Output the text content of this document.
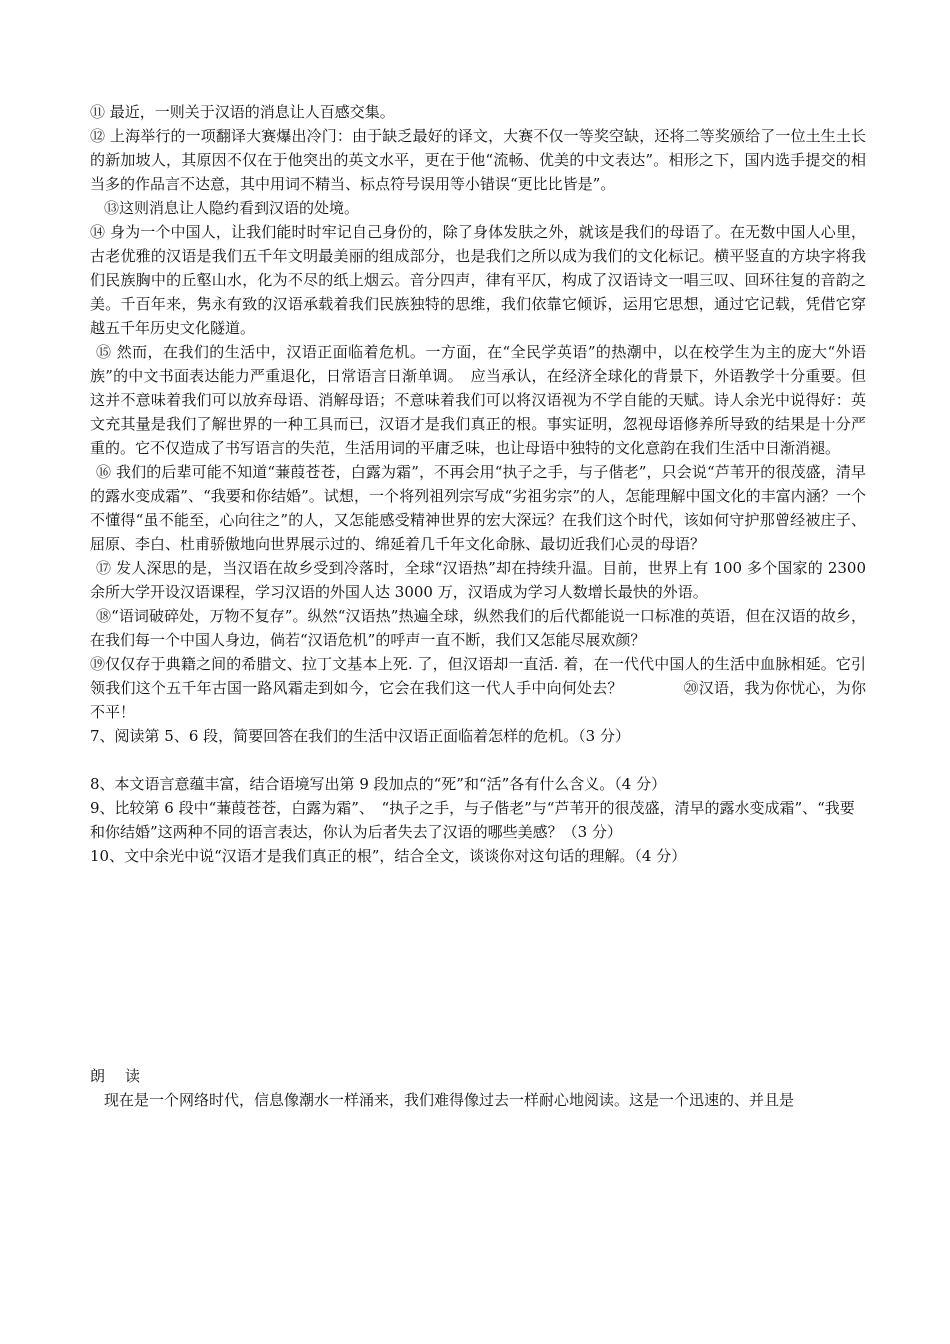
⑪ 最近，一则关于汉语的消息让人百感交集。

⑫ 上海举行的一项翻译大赛爆出冷门：由于缺乏最好的译文，大赛不仅一等奖空缺，还将二等奖颁给了一位土生土长的新加坡人，其原因不仅在于他突出的英文水平，更在于他“流畅、优美的中文表达”。相形之下，国内选手提交的相当多的作品言不达意，其中用词不精当、标点符号误用等小错误“更比比皆是”。

⑬这则消息让人隐约看到汉语的处境。

⑭ 身为一个中国人，让我们能时时牢记自己身份的，除了身体发肤之外，就该是我们的母语了。在无数中国人心里，古老优雅的汉语是我们五千年文明最美丽的组成部分，也是我们之所以成为我们的文化标记。横平竖直的方块字将我们民族胸中的丘壑山水，化为不尽的纸上烟云。音分四声，律有平仄，构成了汉语诗文一唱三叹、回环往复的音韵之美。千百年来，隽永有致的汉语承载着我们民族独特的思维，我们依靠它倾诉，运用它思想，通过它记载，凭借它穿越五千年历史文化隧道。

⑮ 然而，在我们的生活中，汉语正面临着危机。一方面，在“全民学英语”的热潮中，以在校学生为主的庞大“外语族”的中文书面表达能力严重退化，日常语言日渐单调。　应当承认，在经济全球化的背景下，外语教学十分重要。但这并不意味着我们可以放弃母语、消解母语；不意味着我们可以将汉语视为不学自能的天赋。诗人余光中说得好：英文充其量是我们了解世界的一种工具而已，汉语才是我们真正的根。事实证明，忽视母语修养所导致的结果是十分严重的。它不仅造成了书写语言的失范，生活用词的平庸乏味，也让母语中独特的文化意韵在我们生活中日渐消褪。

⑯ 我们的后辈可能不知道“蒹葭苍苍，白露为霜”，不再会用“执子之手，与子偕老”，只会说“芦苇开的很茂盛，清早的露水变成霜”、“我要和你结婚”。试想，一个将列祖列宗写成“劣祖劣宗”的人，怎能理解中国文化的丰富内涵？一个不懂得“虽不能至，心向往之”的人，又怎能感受精神世界的宏大深远？在我们这个时代，该如何守护那曾经被庄子、屈原、李白、杜甫骄傲地向世界展示过的、绵延着几千年文化命脉、最切近我们心灵的母语？

⑰ 发人深思的是，当汉语在故乡受到冷落时，全球“汉语热”却在持续升温。目前，世界上有 100 多个国家的 2300 余所大学开设汉语课程，学习汉语的外国人达 3000 万，汉语成为学习人数增长最快的外语。

⑱“语词破碎处，万物不复存”。纵然“汉语热”热遍全球，纵然我们的后代都能说一口标准的英语，但在汉语的故乡，在我们每一个中国人身边，倘若“汉语危机”的呼声一直不断，我们又怎能尽展欢颜？

⑲仅仅存于典籍之间的希腊文、拉丁文基本上死. 了，但汉语却一直活. 着，在一代代中国人的生活中血脉相延。它引领我们这个五千年古国一路风霜走到如今，它会在我们这一代人手中向何处去？　　　　⑳汉语，我为你忧心，为你不平！

7、阅读第 5、6 段，简要回答在我们的生活中汉语正面临着怎样的危机。（3 分）

8、本文语言意蕴丰富，结合语境写出第 9 段加点的“死”和“活”各有什么含义。（4 分）

9、比较第 6 段中“蒹葭苍苍，白露为霜”、　“执子之手，与子偕老”与“芦苇开的很茂盛，清早的露水变成霜”、“我要和你结婚”这两种不同的语言表达，你认为后者失去了汉语的哪些美感？（3 分）

10、文中余光中说“汉语才是我们真正的根”，结合全文，谈谈你对这句话的理解。（4 分）

朗读

现在是一个网络时代，信息像潮水一样涌来，我们难得像过去一样耐心地阅读。这是一个迅速的、并且是
